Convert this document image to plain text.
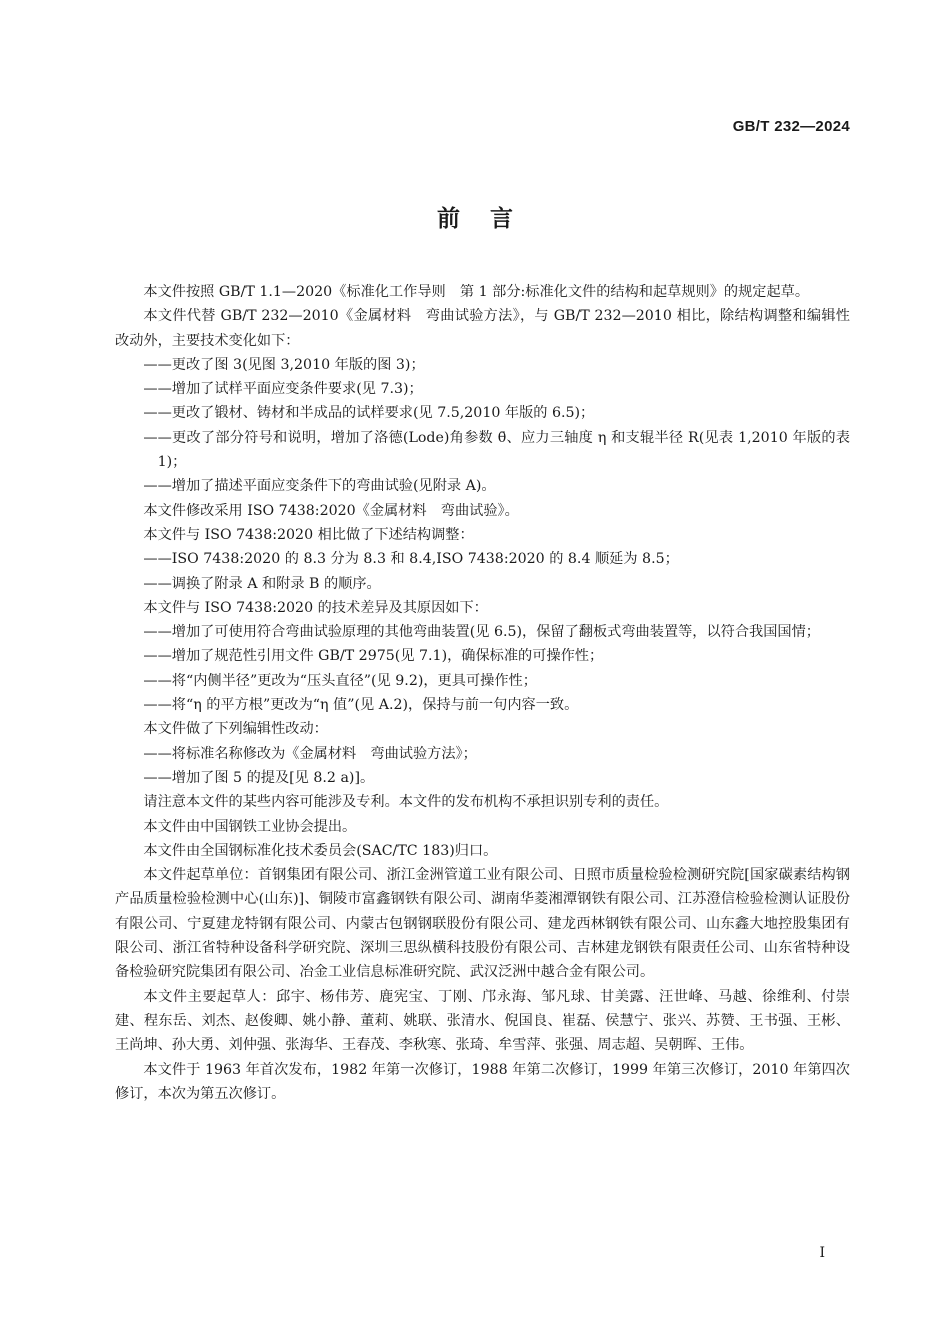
GB/T 232—2024
前言

本文件按照 GB/T 1.1—2020《标准化工作导则　第 1 部分:标准化文件的结构和起草规则》的规定起草。

本文件代替 GB/T 232—2010《金属材料　弯曲试验方法》，与 GB/T 232—2010 相比，除结构调整和编辑性改动外，主要技术变化如下：

——更改了图 3(见图 3,2010 年版的图 3)；

——增加了试样平面应变条件要求(见 7.3)；

——更改了锻材、铸材和半成品的试样要求(见 7.5,2010 年版的 6.5)；

——更改了部分符号和说明，增加了洛德(Lode)角参数 θ̄、应力三轴度 η 和支辊半径 R(见表 1,2010 年版的表 1)；

——增加了描述平面应变条件下的弯曲试验(见附录 A)。

本文件修改采用 ISO 7438:2020《金属材料　弯曲试验》。

本文件与 ISO 7438:2020 相比做了下述结构调整：

——ISO 7438:2020 的 8.3 分为 8.3 和 8.4,ISO 7438:2020 的 8.4 顺延为 8.5；

——调换了附录 A 和附录 B 的顺序。

本文件与 ISO 7438:2020 的技术差异及其原因如下：

——增加了可使用符合弯曲试验原理的其他弯曲装置(见 6.5)，保留了翻板式弯曲装置等，以符合我国国情；

——增加了规范性引用文件 GB/T 2975(见 7.1)，确保标准的可操作性；

——将“内侧半径”更改为“压头直径”(见 9.2)，更具可操作性；

——将“η 的平方根”更改为“η 值”(见 A.2)，保持与前一句内容一致。

本文件做了下列编辑性改动：

——将标准名称修改为《金属材料　弯曲试验方法》；

——增加了图 5 的提及[见 8.2 a)]。

请注意本文件的某些内容可能涉及专利。本文件的发布机构不承担识别专利的责任。

本文件由中国钢铁工业协会提出。

本文件由全国钢标准化技术委员会(SAC/TC 183)归口。

本文件起草单位：首钢集团有限公司、浙江金洲管道工业有限公司、日照市质量检验检测研究院[国家碳素结构钢产品质量检验检测中心(山东)]、铜陵市富鑫钢铁有限公司、湖南华菱湘潭钢铁有限公司、江苏澄信检验检测认证股份有限公司、宁夏建龙特钢有限公司、内蒙古包钢钢联股份有限公司、建龙西林钢铁有限公司、山东鑫大地控股集团有限公司、浙江省特种设备科学研究院、深圳三思纵横科技股份有限公司、吉林建龙钢铁有限责任公司、山东省特种设备检验研究院集团有限公司、冶金工业信息标准研究院、武汉泛洲中越合金有限公司。

本文件主要起草人：邱宇、杨伟芳、鹿宪宝、丁刚、邝永海、邹凡球、甘美露、汪世峰、马越、徐维利、付崇建、程东岳、刘杰、赵俊卿、姚小静、董莉、姚联、张清水、倪国良、崔磊、侯慧宁、张兴、苏赞、王书强、王彬、王尚坤、孙大勇、刘仲强、张海华、王春茂、李秋寒、张琦、牟雪萍、张强、周志超、吴朝晖、王伟。

本文件于 1963 年首次发布，1982 年第一次修订，1988 年第二次修订，1999 年第三次修订，2010 年第四次修订，本次为第五次修订。

I
